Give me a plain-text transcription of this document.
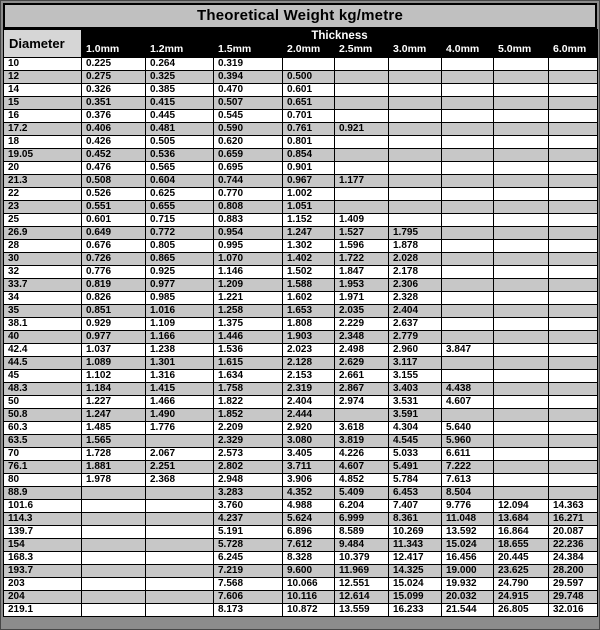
Theoretical Weight kg/metre
Diameter	Thickness								
	1.0mm	1.2mm	1.5mm	2.0mm	2.5mm	3.0mm	4.0mm	5.0mm	6.0mm
10	0.225	0.264	0.319						
12	0.275	0.325	0.394	0.500					
14	0.326	0.385	0.470	0.601					
15	0.351	0.415	0.507	0.651					
16	0.376	0.445	0.545	0.701					
17.2	0.406	0.481	0.590	0.761	0.921				
18	0.426	0.505	0.620	0.801					
19.05	0.452	0.536	0.659	0.854					
20	0.476	0.565	0.695	0.901					
21.3	0.508	0.604	0.744	0.967	1.177				
22	0.526	0.625	0.770	1.002					
23	0.551	0.655	0.808	1.051					
25	0.601	0.715	0.883	1.152	1.409				
26.9	0.649	0.772	0.954	1.247	1.527	1.795			
28	0.676	0.805	0.995	1.302	1.596	1.878			
30	0.726	0.865	1.070	1.402	1.722	2.028			
32	0.776	0.925	1.146	1.502	1.847	2.178			
33.7	0.819	0.977	1.209	1.588	1.953	2.306			
34	0.826	0.985	1.221	1.602	1.971	2.328			
35	0.851	1.016	1.258	1.653	2.035	2.404			
38.1	0.929	1.109	1.375	1.808	2.229	2.637			
40	0.977	1.166	1.446	1.903	2.348	2.779			
42.4	1.037	1.238	1.536	2.023	2.498	2.960	3.847		
44.5	1.089	1.301	1.615	2.128	2.629	3.117			
45	1.102	1.316	1.634	2.153	2.661	3.155			
48.3	1.184	1.415	1.758	2.319	2.867	3.403	4.438		
50	1.227	1.466	1.822	2.404	2.974	3.531	4.607		
50.8	1.247	1.490	1.852	2.444		3.591			
60.3	1.485	1.776	2.209	2.920	3.618	4.304	5.640		
63.5	1.565		2.329	3.080	3.819	4.545	5.960		
70	1.728	2.067	2.573	3.405	4.226	5.033	6.611		
76.1	1.881	2.251	2.802	3.711	4.607	5.491	7.222		
80	1.978	2.368	2.948	3.906	4.852	5.784	7.613		
88.9			3.283	4.352	5.409	6.453	8.504		
101.6			3.760	4.988	6.204	7.407	9.776	12.094	14.363
114.3			4.237	5.624	6.999	8.361	11.048	13.684	16.271
139.7			5.191	6.896	8.589	10.269	13.592	16.864	20.087
154			5.728	7.612	9.484	11.343	15.024	18.655	22.236
168.3			6.245	8.328	10.379	12.417	16.456	20.445	24.384
193.7			7.219	9.600	11.969	14.325	19.000	23.625	28.200
203			7.568	10.066	12.551	15.024	19.932	24.790	29.597
204			7.606	10.116	12.614	15.099	20.032	24.915	29.748
219.1			8.173	10.872	13.559	16.233	21.544	26.805	32.016
